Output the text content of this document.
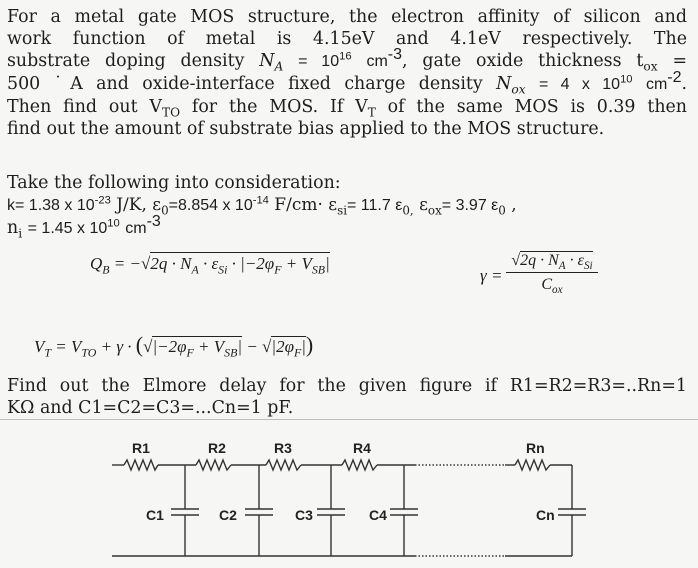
For a metal gate MOS structure, the electron affinity of silicon and

work function of metal is 4.15eV and 4.1eV respectively. The

substrate doping density $N_A = 10^{16}$ $cm^{-3}$, gate oxide thickness $t_{ox}$ =

500 ˙A and oxide-interface fixed charge density $N_{ox} = 4$ x $10^{10}$ $cm^{-2}$.

Then find out $V_{TO}$ for the MOS. If $V_T$ of the same MOS is 0.39 then

find out the amount of substrate bias applied to the MOS structure.

Take the following into consideration:

k= 1.38 x $10^{-23}$ J/K, $\varepsilon_0=8.854$ x $10^{-14}$ $F/cm\cdot \varepsilon_{si}= 11.7$ $\varepsilon_{0,}$ $\varepsilon_{ox}= 3.97$ $\varepsilon_0$ ,

$n_i = 1.45$ x $10^{10}$ $cm^{-3}$

$Q_B = -√2q \cdot N_A \cdot \varepsilon_{Si} \cdot |-2\varphi_F + V_{SB}|$
γ =
$√2q \cdot N_A \cdot \varepsilon_{Si}$
$C_{ox}$
$V_T = V_{TO} + \gamma \cdot (√|-2\varphi_F + V_{SB}| - √|2\varphi_F|)$

Find out the Elmore delay for the given figure if R1=R2=R3=..Rn=1

KΩ and C1=C2=C3=...Cn=1 pF.

R1	R2	R3	R4	Rn
C1	C2	C3	C4	Cn
